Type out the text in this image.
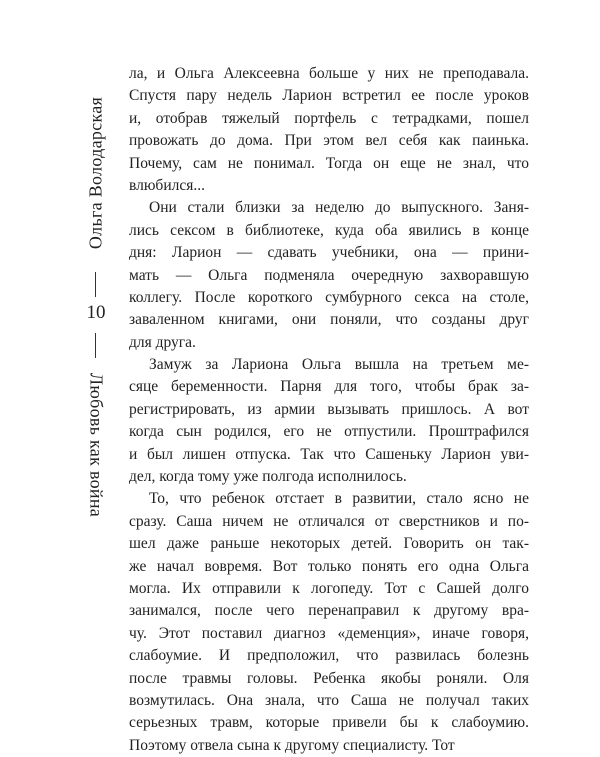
Ольга Володарская
10
Любовь как война
ла, и Ольга Алексеевна больше у них не преподавала.
Спустя пару недель Ларион встретил ее после уроков
и, отобрав тяжелый портфель с тетрадками, пошел
провожать до дома. При этом вел себя как паинька.
Почему, сам не понимал. Тогда он еще не знал, что
влюбился...
Они стали близки за неделю до выпускного. Заня-
лись сексом в библиотеке, куда оба явились в конце
дня: Ларион — сдавать учебники, она — прини-
мать — Ольга подменяла очередную захворавшую
коллегу. После короткого сумбурного секса на столе,
заваленном книгами, они поняли, что созданы друг
для друга.
Замуж за Лариона Ольга вышла на третьем ме-
сяце беременности. Парня для того, чтобы брак за-
регистрировать, из армии вызывать пришлось. А вот
когда сын родился, его не отпустили. Проштрафился
и был лишен отпуска. Так что Сашеньку Ларион уви-
дел, когда тому уже полгода исполнилось.
То, что ребенок отстает в развитии, стало ясно не
сразу. Саша ничем не отличался от сверстников и по-
шел даже раньше некоторых детей. Говорить он так-
же начал вовремя. Вот только понять его одна Ольга
могла. Их отправили к логопеду. Тот с Сашей долго
занимался, после чего перенаправил к другому вра-
чу. Этот поставил диагноз «деменция», иначе говоря,
слабоумие. И предположил, что развилась болезнь
после травмы головы. Ребенка якобы роняли. Оля
возмутилась. Она знала, что Саша не получал таких
серьезных травм, которые привели бы к слабоумию.
Поэтому отвела сына к другому специалисту. Тот
